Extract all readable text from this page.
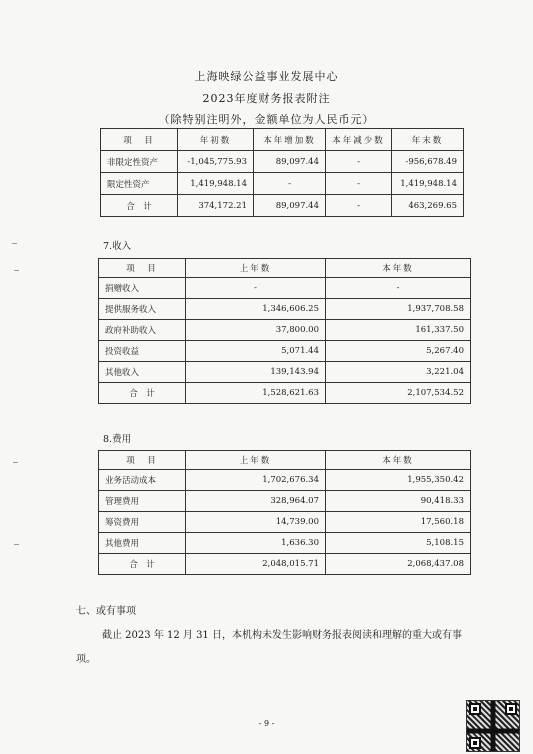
上海映绿公益事业发展中心
2023年度财务报表附注
（除特别注明外，金额单位为人民币元）
项　目	年初数	本年增加数	本年减少数	年末数
非限定性资产	-1,045,775.93	89,097.44	-	-956,678.49
限定性资产	1,419,948.14	-	-	1,419,948.14
合　计	374,172.21	89,097.44	-	463,269.65
7.收入
项　目	上年数	本年数
捐赠收入	-	-
提供服务收入	1,346,606.25	1,937,708.58
政府补助收入	37,800.00	161,337.50
投资收益	5,071.44	5,267.40
其他收入	139,143.94	3,221.04
合　计	1,528,621.63	2,107,534.52
8.费用
项　目	上年数	本年数
业务活动成本	1,702,676.34	1,955,350.42
管理费用	328,964.07	90,418.33
筹资费用	14,739.00	17,560.18
其他费用	1,636.30	5,108.15
合　计	2,048,015.71	2,068,437.08
七、或有事项
截止 2023 年 12 月 31 日，本机构未发生影响财务报表阅读和理解的重大或有事项。
- 9 -
